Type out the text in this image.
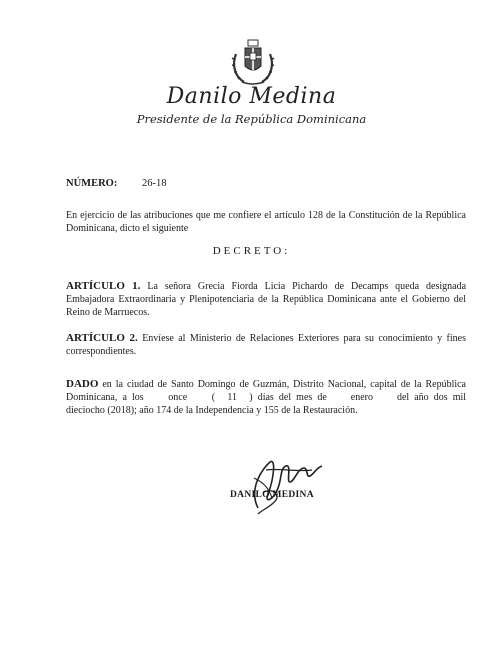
Danilo Medina
Presidente de la República Dominicana
NÚMERO: 26-18
En ejercicio de las atribuciones que me confiere el artículo 128 de la Constitución de la República Dominicana, dicto el siguiente
DECRETO:
ARTÍCULO 1. La señora Grecia Fiorda Licia Pichardo de Decamps queda designada Embajadora Extraordinaria y Plenipotenciaria de la República Dominicana ante el Gobierno del Reino de Marruecos.
ARTÍCULO 2. Envíese al Ministerio de Relaciones Exteriores para su conocimiento y fines correspondientes.
DADO en la ciudad de Santo Domingo de Guzmán, Distrito Nacional, capital de la República Dominicana, a los once ( 11 ) días del mes de enero del año dos mil dieciocho (2018); año 174 de la Independencia y 155 de la Restauración.
DANILO MEDINA
